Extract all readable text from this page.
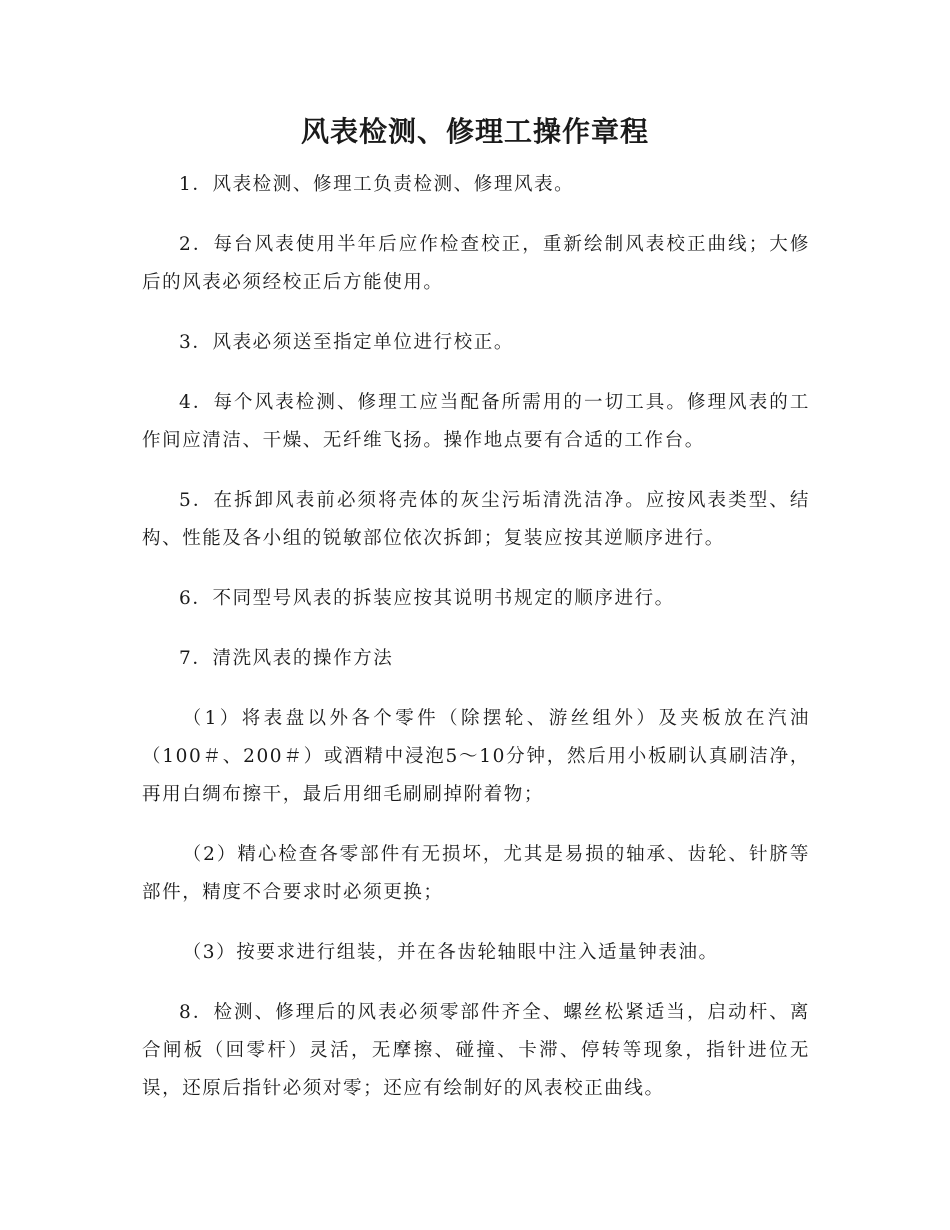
风表检测、修理工操作章程

1．风表检测、修理工负责检测、修理风表。

2．每台风表使用半年后应作检查校正，重新绘制风表校正曲线；大修后的风表必须经校正后方能使用。

3．风表必须送至指定单位进行校正。

4．每个风表检测、修理工应当配备所需用的一切工具。修理风表的工作间应清洁、干燥、无纤维飞扬。操作地点要有合适的工作台。

5．在拆卸风表前必须将壳体的灰尘污垢清洗洁净。应按风表类型、结构、性能及各小组的锐敏部位依次拆卸；复装应按其逆顺序进行。

6．不同型号风表的拆装应按其说明书规定的顺序进行。

7．清洗风表的操作方法

（1）将表盘以外各个零件（除摆轮、游丝组外）及夹板放在汽油（100＃、200＃）或酒精中浸泡5～10分钟，然后用小板刷认真刷洁净，再用白绸布擦干，最后用细毛刷刷掉附着物；

（2）精心检查各零部件有无损坏，尤其是易损的轴承、齿轮、针脐等部件，精度不合要求时必须更换；

（3）按要求进行组装，并在各齿轮轴眼中注入适量钟表油。

8．检测、修理后的风表必须零部件齐全、螺丝松紧适当，启动杆、离合闸板（回零杆）灵活，无摩擦、碰撞、卡滞、停转等现象，指针进位无误，还原后指针必须对零；还应有绘制好的风表校正曲线。
